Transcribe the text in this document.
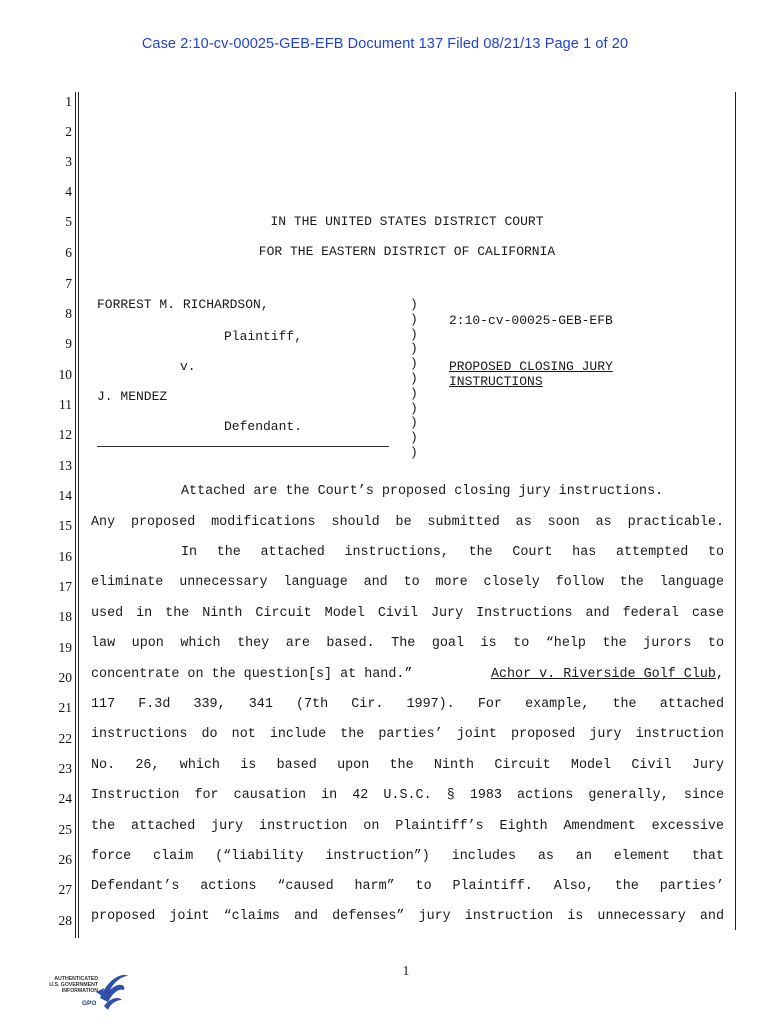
Case 2:10-cv-00025-GEB-EFB Document 137 Filed 08/21/13 Page 1 of 20
1
2
3
4
5
6
7
8
9
10
11
12
13
14
15
16
17
18
19
20
21
22
23
24
25
26
27
28
IN THE UNITED STATES DISTRICT COURT
FOR THE EASTERN DISTRICT OF CALIFORNIA
FORREST M. RICHARDSON,
Plaintiff,
v.
J. MENDEZ
Defendant.
)
)
)
)
)
)
)
)
)
)
)
2:10-cv-00025-GEB-EFB
PROPOSED CLOSING JURY
INSTRUCTIONS
Attached are the Court’s proposed closing jury instructions.
Any proposed modifications should be submitted as soon as practicable.
In the attached instructions, the Court has attempted to
eliminate unnecessary language and to more closely follow the language
used in the Ninth Circuit Model Civil Jury Instructions and federal case
law upon which they are based. The goal is to “help the jurors to
concentrate on the question[s] at hand.”	Achor v. Riverside Golf Club,
117 F.3d 339, 341 (7th Cir. 1997). For example, the attached
instructions do not include the parties’ joint proposed jury instruction
No. 26, which is based upon the Ninth Circuit Model Civil Jury
Instruction for causation in 42 U.S.C. § 1983 actions generally, since
the attached jury instruction on Plaintiff’s Eighth Amendment excessive
force claim (“liability instruction”) includes as an element that
Defendant’s actions “caused harm” to Plaintiff. Also, the parties’
proposed joint “claims and defenses” jury instruction is unnecessary and
1
AUTHENTICATED
U.S. GOVERNMENT
INFORMATION
GPO
